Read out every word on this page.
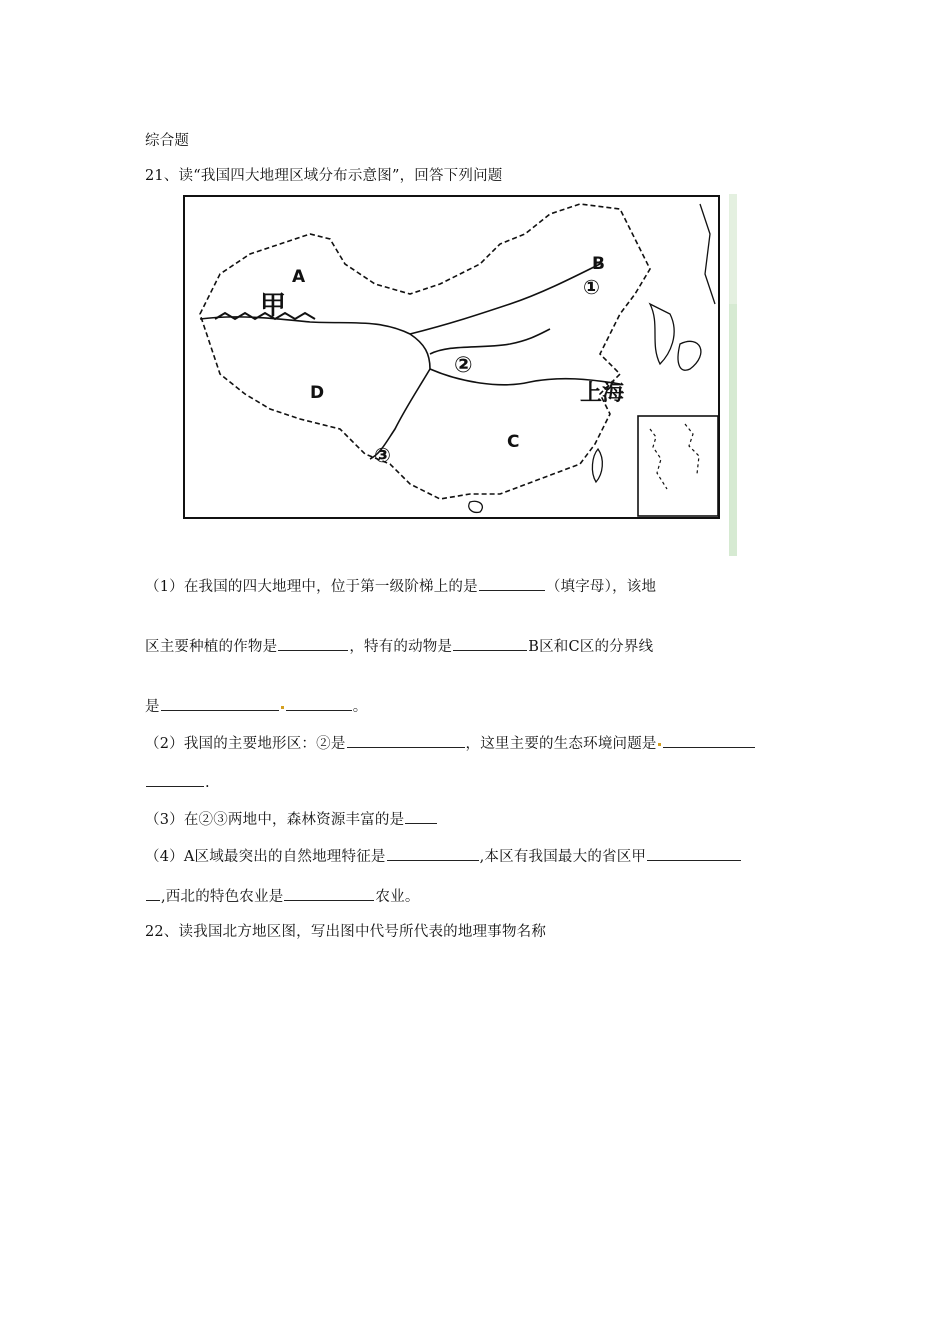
综合题
21、读“我国四大地理区域分布示意图”，回答下列问题
A
B
C
D
甲
上海
①
②
③
（1）在我国的四大地理中，位于第一级阶梯上的是	（填字母），该地
区主要种植的作物是	，特有的动物是	B区和C区的分界线
是	。
（2）我国的主要地形区：②是	，这里主要的生态环境问题是
.
（3）在②③两地中，森林资源丰富的是
（4）A区域最突出的自然地理特征是	,本区有我国最大的省区甲
,西北的特色农业是	农业。
22、读我国北方地区图，写出图中代号所代表的地理事物名称
